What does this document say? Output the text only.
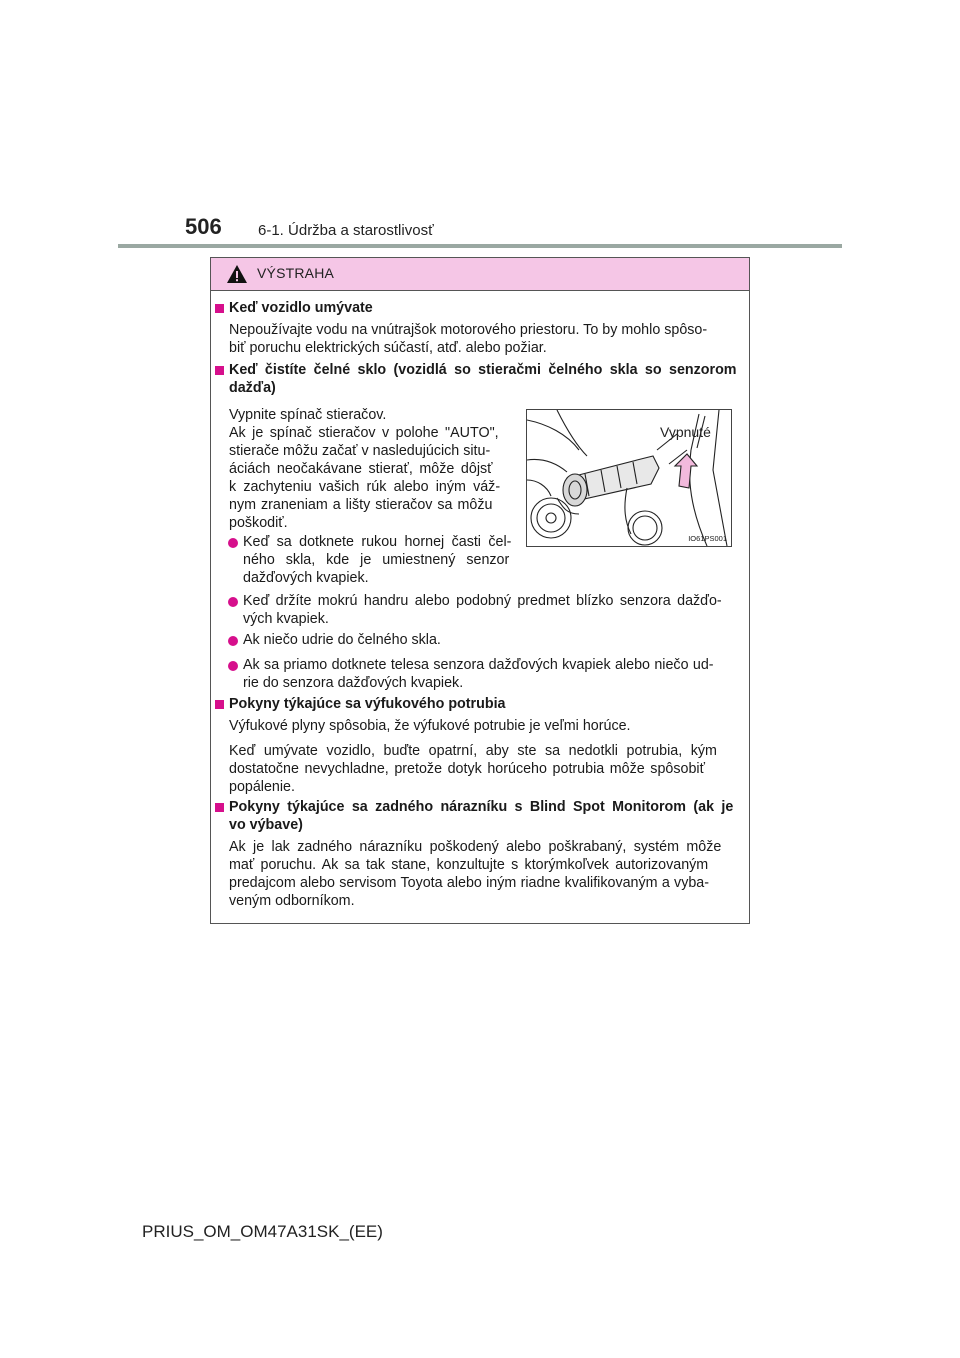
506 6-1. Údržba a starostlivosť
VÝSTRAHA
Keď vozidlo umývate
Nepoužívajte vodu na vnútrajšok motorového priestoru. To by mohlo spôso-
biť poruchu elektrických súčastí, atď. alebo požiar.
Keď čistíte čelné sklo (vozidlá so stieračmi čelného skla so senzorom
dažďa)
Vypnite spínač stieračov.
Ak je spínač stieračov v polohe "AUTO",
stierače môžu začať v nasledujúcich situ-
áciách neočakávane stierať, môže dôjsť
k zachyteniu vašich rúk alebo iným váž-
nym zraneniam a lišty stieračov sa môžu
poškodiť.
Keď sa dotknete rukou hornej časti čel-
ného skla, kde je umiestnený senzor
dažďových kvapiek.
Keď držíte mokrú handru alebo podobný predmet blízko senzora dažďo-
vých kvapiek.
Ak niečo udrie do čelného skla.
Ak sa priamo dotknete telesa senzora dažďových kvapiek alebo niečo ud-
rie do senzora dažďových kvapiek.
Pokyny týkajúce sa výfukového potrubia
Výfukové plyny spôsobia, že výfukové potrubie je veľmi horúce.
Keď umývate vozidlo, buďte opatrní, aby ste sa nedotkli potrubia, kým
dostatočne nevychladne, pretože dotyk horúceho potrubia môže spôsobiť
popálenie.
Pokyny týkajúce sa zadného nárazníku s Blind Spot Monitorom (ak je
vo výbave)
Ak je lak zadného nárazníku poškodený alebo poškrabaný, systém môže
mať poruchu. Ak sa tak stane, konzultujte s ktorýmkoľvek autorizovaným
predajcom alebo servisom Toyota alebo iným riadne kvalifikovaným a vyba-
veným odborníkom.
Vypnuté
IO61PS001
PRIUS_OM_OM47A31SK_(EE)
